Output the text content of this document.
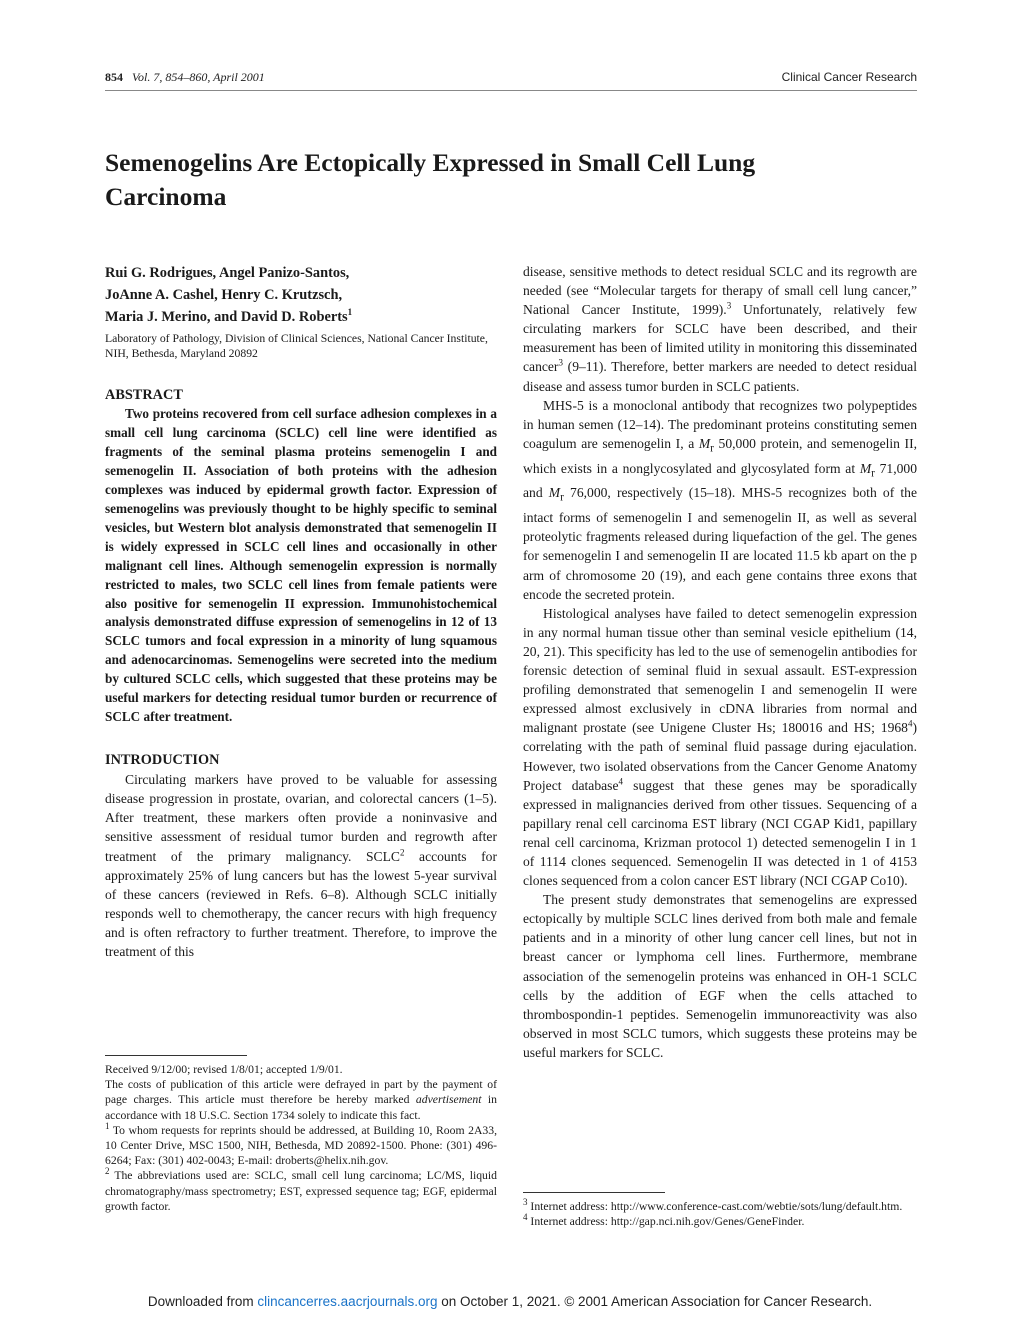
854 Vol. 7, 854–860, April 2001	Clinical Cancer Research
Semenogelins Are Ectopically Expressed in Small Cell Lung Carcinoma
Rui G. Rodrigues, Angel Panizo-Santos,
JoAnne A. Cashel, Henry C. Krutzsch,
Maria J. Merino, and David D. Roberts$^1$
Laboratory of Pathology, Division of Clinical Sciences, National Cancer Institute, NIH, Bethesda, Maryland 20892
ABSTRACT

Two proteins recovered from cell surface adhesion complexes in a small cell lung carcinoma (SCLC) cell line were identified as fragments of the seminal plasma proteins semenogelin I and semenogelin II. Association of both proteins with the adhesion complexes was induced by epidermal growth factor. Expression of semenogelins was previously thought to be highly specific to seminal vesicles, but Western blot analysis demonstrated that semenogelin II is widely expressed in SCLC cell lines and occasionally in other malignant cell lines. Although semenogelin expression is normally restricted to males, two SCLC cell lines from female patients were also positive for semenogelin II expression. Immunohistochemical analysis demonstrated diffuse expression of semenogelins in 12 of 13 SCLC tumors and focal expression in a minority of lung squamous and adenocarcinomas. Semenogelins were secreted into the medium by cultured SCLC cells, which suggested that these proteins may be useful markers for detecting residual tumor burden or recurrence of SCLC after treatment.

INTRODUCTION

Circulating markers have proved to be valuable for assessing disease progression in prostate, ovarian, and colorectal cancers (1–5). After treatment, these markers often provide a noninvasive and sensitive assessment of residual tumor burden and regrowth after treatment of the primary malignancy. SCLC$^2$ accounts for approximately 25% of lung cancers but has the lowest 5-year survival of these cancers (reviewed in Refs. 6–8). Although SCLC initially responds well to chemotherapy, the cancer recurs with high frequency and is often refractory to further treatment. Therefore, to improve the treatment of this

disease, sensitive methods to detect residual SCLC and its regrowth are needed (see “Molecular targets for therapy of small cell lung cancer,” National Cancer Institute, 1999).$^3$ Unfortunately, relatively few circulating markers for SCLC have been described, and their measurement has been of limited utility in monitoring this disseminated cancer$^3$ (9–11). Therefore, better markers are needed to detect residual disease and assess tumor burden in SCLC patients.

MHS-5 is a monoclonal antibody that recognizes two polypeptides in human semen (12–14). The predominant proteins constituting semen coagulum are semenogelin I, a $M_r$ 50,000 protein, and semenogelin II, which exists in a nonglycosylated and glycosylated form at $M_r$ 71,000 and $M_r$ 76,000, respectively (15–18). MHS-5 recognizes both of the intact forms of semenogelin I and semenogelin II, as well as several proteolytic fragments released during liquefaction of the gel. The genes for semenogelin I and semenogelin II are located 11.5 kb apart on the p arm of chromosome 20 (19), and each gene contains three exons that encode the secreted protein.

Histological analyses have failed to detect semenogelin expression in any normal human tissue other than seminal vesicle epithelium (14, 20, 21). This specificity has led to the use of semenogelin antibodies for forensic detection of seminal fluid in sexual assault. EST-expression profiling demonstrated that semenogelin I and semenogelin II were expressed almost exclusively in cDNA libraries from normal and malignant prostate (see Unigene Cluster Hs; 180016 and HS; 1968$^4$) correlating with the path of seminal fluid passage during ejaculation. However, two isolated observations from the Cancer Genome Anatomy Project database$^4$ suggest that these genes may be sporadically expressed in malignancies derived from other tissues. Sequencing of a papillary renal cell carcinoma EST library (NCI CGAP Kid1, papillary renal cell carcinoma, Krizman protocol 1) detected semenogelin I in 1 of 1114 clones sequenced. Semenogelin II was detected in 1 of 4153 clones sequenced from a colon cancer EST library (NCI CGAP Co10).

The present study demonstrates that semenogelins are expressed ectopically by multiple SCLC lines derived from both male and female patients and in a minority of other lung cancer cell lines, but not in breast cancer or lymphoma cell lines. Furthermore, membrane association of the semenogelin proteins was enhanced in OH-1 SCLC cells by the addition of EGF when the cells attached to thrombospondin-1 peptides. Semenogelin immunoreactivity was also observed in most SCLC tumors, which suggests these proteins may be useful markers for SCLC.

Received 9/12/00; revised 1/8/01; accepted 1/9/01.

The costs of publication of this article were defrayed in part by the payment of page charges. This article must therefore be hereby marked advertisement in accordance with 18 U.S.C. Section 1734 solely to indicate this fact.

$^1$ To whom requests for reprints should be addressed, at Building 10, Room 2A33, 10 Center Drive, MSC 1500, NIH, Bethesda, MD 20892-1500. Phone: (301) 496-6264; Fax: (301) 402-0043; E-mail: droberts@helix.nih.gov.

$^2$ The abbreviations used are: SCLC, small cell lung carcinoma; LC/MS, liquid chromatography/mass spectrometry; EST, expressed sequence tag; EGF, epidermal growth factor.	$^3$ Internet address: http://www.conference-cast.com/webtie/sots/lung/default.htm.

$^4$ Internet address: http://gap.nci.nih.gov/Genes/GeneFinder.

Downloaded from clincancerres.aacrjournals.org on October 1, 2021. © 2001 American Association for Cancer Research.
